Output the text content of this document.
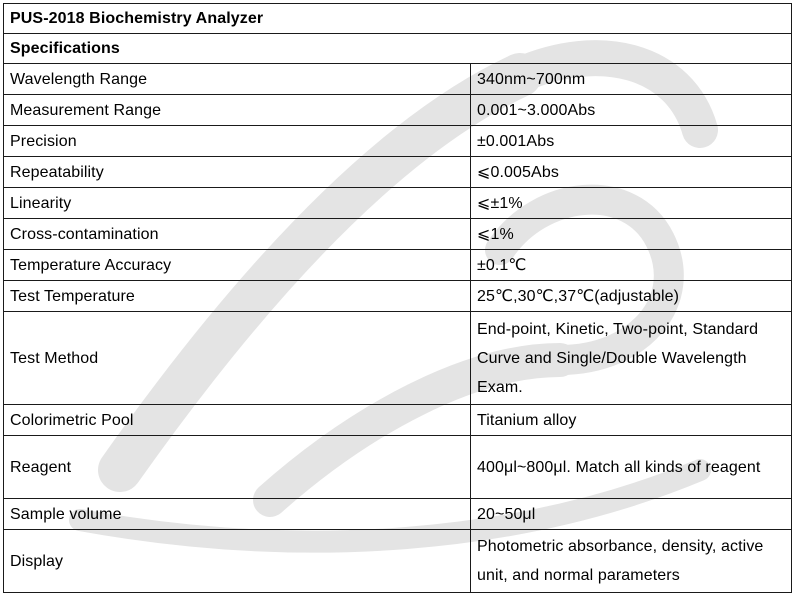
PUS-2018 Biochemistry Analyzer	
Specifications	
Wavelength Range	340nm~700nm
Measurement Range	0.001~3.000Abs
Precision	±0.001Abs
Repeatability	⩽0.005Abs
Linearity	⩽±1%
Cross-contamination	⩽1%
Temperature Accuracy	±0.1℃
Test Temperature	25℃,30℃,37℃(adjustable)
Test Method	End-point, Kinetic, Two-point, Standard Curve and Single/Double Wavelength Exam.
Colorimetric Pool	Titanium alloy
Reagent	400μl~800μl. Match all kinds of reagent
Sample volume	20~50μl
Display	Photometric absorbance, density, active unit, and normal parameters
